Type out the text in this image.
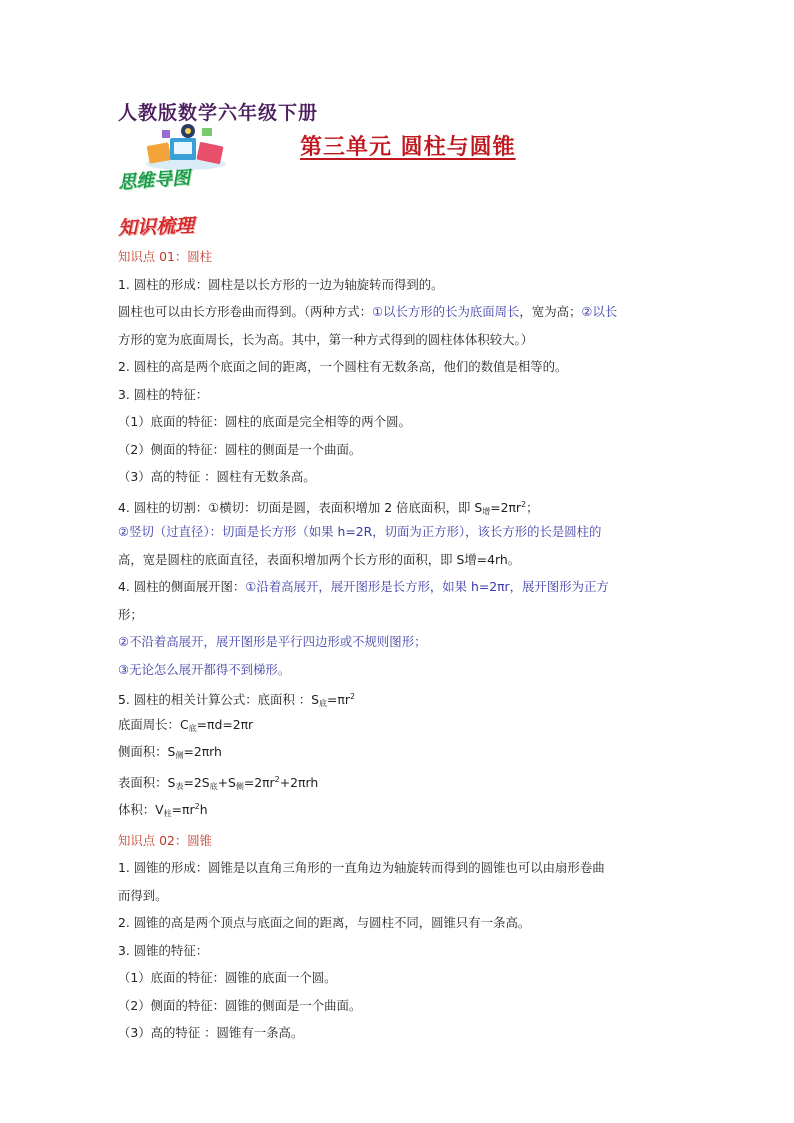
人教版数学六年级下册
第三单元 圆柱与圆锥
思维导图
知识梳理
知识点 01：圆柱
1. 圆柱的形成：圆柱是以长方形的一边为轴旋转而得到的。
圆柱也可以由长方形卷曲而得到。（两种方式：①以长方形的长为底面周长，宽为高；②以长
方形的宽为底面周长，长为高。其中，第一种方式得到的圆柱体体积较大。）
2. 圆柱的高是两个底面之间的距离，一个圆柱有无数条高，他们的数值是相等的。
3. 圆柱的特征：
（1）底面的特征：圆柱的底面是完全相等的两个圆。
（2）侧面的特征：圆柱的侧面是一个曲面。
（3）高的特征 ：圆柱有无数条高。
4. 圆柱的切割：①横切：切面是圆，表面积增加 2 倍底面积，即 $S_增=2\pi r^2$；
②竖切（过直径）：切面是长方形（如果 h=2R，切面为正方形），该长方形的长是圆柱的
高，宽是圆柱的底面直径，表面积增加两个长方形的面积，即 S增=4rh。
4. 圆柱的侧面展开图：①沿着高展开，展开图形是长方形，如果 h=2πr，展开图形为正方
形；
②不沿着高展开，展开图形是平行四边形或不规则图形；
③无论怎么展开都得不到梯形。
5. 圆柱的相关计算公式：底面积 ：$S_底=\pi r^2$
底面周长：$C_底=\pi d=2\pi r$
侧面积：$S_侧=2\pi rh$
表面积：$S_表=2S_底+S_侧=2\pi r^2+2\pi rh$
体积：$V_柱=\pi r^2h$
知识点 02：圆锥
1. 圆锥的形成：圆锥是以直角三角形的一直角边为轴旋转而得到的圆锥也可以由扇形卷曲
而得到。
2. 圆锥的高是两个顶点与底面之间的距离，与圆柱不同，圆锥只有一条高。
3. 圆锥的特征：
（1）底面的特征：圆锥的底面一个圆。
（2）侧面的特征：圆锥的侧面是一个曲面。
（3）高的特征 ：圆锥有一条高。
